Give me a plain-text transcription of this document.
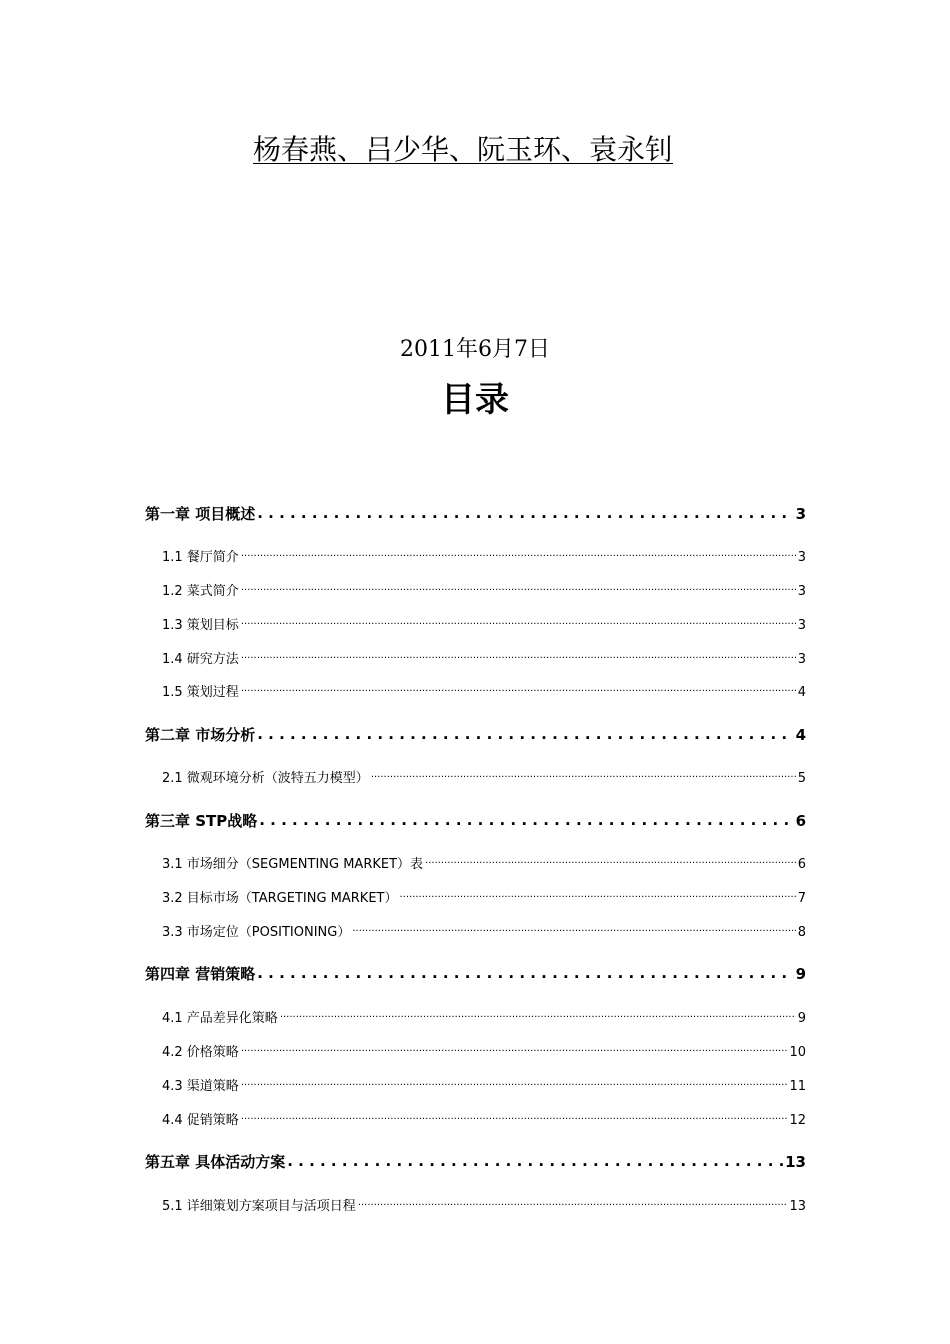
杨春燕、吕少华、阮玉环、袁永钊
2011年6月7日
目录
第一章 项目概述 . . .	3
1.1 餐厅简介 .....	3
1.2 菜式简介 .....	3
1.3 策划目标 .....	3
1.4 研究方法 .....	3
1.5 策划过程 .....	4
第二章 市场分析 . . .	4
2.1 微观环境分析（波特五力模型） .....	5
第三章 STP战略 . . .	6
3.1 市场细分（SEGMENTING MARKET）表 .....	6
3.2 目标市场（TARGETING MARKET） .....	7
3.3 市场定位（POSITIONING） .....	8
第四章 营销策略 . . .	9
4.1 产品差异化策略 .....	9
4.2 价格策略 .....	10
4.3 渠道策略 .....	11
4.4 促销策略 .....	12
第五章 具体活动方案 . . .	13
5.1 详细策划方案项目与活项日程 .....	13
